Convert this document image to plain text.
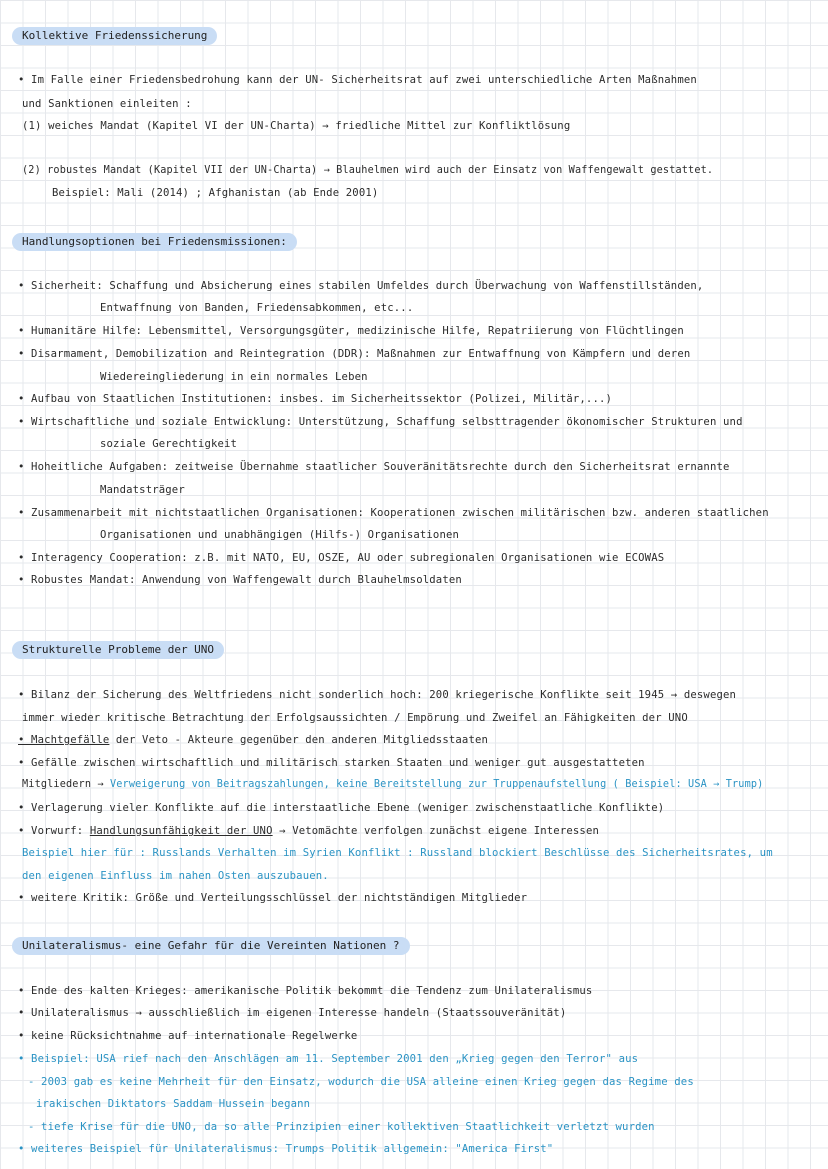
Kollektive Friedenssicherung
• Im Falle einer Friedensbedrohung kann der UN- Sicherheitsrat auf zwei unterschiedliche Arten Maßnahmen
und Sanktionen einleiten :
(1) weiches Mandat (Kapitel VI der UN-Charta) → friedliche Mittel zur Konfliktlösung
(2) robustes Mandat (Kapitel VII der UN-Charta) → Blauhelmen wird auch der Einsatz von Waffengewalt gestattet.
Beispiel: Mali (2014) ; Afghanistan (ab Ende 2001)
Handlungsoptionen bei Friedensmissionen:
• Sicherheit: Schaffung und Absicherung eines stabilen Umfeldes durch Überwachung von Waffenstillständen,
Entwaffnung von Banden, Friedensabkommen, etc...
• Humanitäre Hilfe: Lebensmittel, Versorgungsgüter, medizinische Hilfe, Repatriierung von Flüchtlingen
• Disarmament, Demobilization and Reintegration (DDR): Maßnahmen zur Entwaffnung von Kämpfern und deren
Wiedereingliederung in ein normales Leben
• Aufbau von Staatlichen Institutionen: insbes. im Sicherheitssektor (Polizei, Militär,...)
• Wirtschaftliche und soziale Entwicklung: Unterstützung, Schaffung selbsttragender ökonomischer Strukturen und
soziale Gerechtigkeit
• Hoheitliche Aufgaben: zeitweise Übernahme staatlicher Souveränitätsrechte durch den Sicherheitsrat ernannte
Mandatsträger
• Zusammenarbeit mit nichtstaatlichen Organisationen: Kooperationen zwischen militärischen bzw. anderen staatlichen
Organisationen und unabhängigen (Hilfs-) Organisationen
• Interagency Cooperation: z.B. mit NATO, EU, OSZE, AU oder subregionalen Organisationen wie ECOWAS
• Robustes Mandat: Anwendung von Waffengewalt durch Blauhelmsoldaten
Strukturelle Probleme der UNO
• Bilanz der Sicherung des Weltfriedens nicht sonderlich hoch: 200 kriegerische Konflikte seit 1945 → deswegen
immer wieder kritische Betrachtung der Erfolgsaussichten / Empörung und Zweifel an Fähigkeiten der UNO
• Machtgefälle der Veto - Akteure gegenüber den anderen Mitgliedsstaaten
• Gefälle zwischen wirtschaftlich und militärisch starken Staaten und weniger gut ausgestatteten
Mitgliedern → Verweigerung von Beitragszahlungen, keine Bereitstellung zur Truppenaufstellung ( Beispiel: USA → Trump)
• Verlagerung vieler Konflikte auf die interstaatliche Ebene (weniger zwischenstaatliche Konflikte)
• Vorwurf: Handlungsunfähigkeit der UNO → Vetomächte verfolgen zunächst eigene Interessen
Beispiel hier für : Russlands Verhalten im Syrien Konflikt : Russland blockiert Beschlüsse des Sicherheitsrates, um
den eigenen Einfluss im nahen Osten auszubauen.
• weitere Kritik: Größe und Verteilungsschlüssel der nichtständigen Mitglieder
Unilateralismus- eine Gefahr für die Vereinten Nationen ?
• Ende des kalten Krieges: amerikanische Politik bekommt die Tendenz zum Unilateralismus
• Unilateralismus → ausschließlich im eigenen Interesse handeln (Staatssouveränität)
• keine Rücksichtnahme auf internationale Regelwerke
• Beispiel: USA rief nach den Anschlägen am 11. September 2001 den „Krieg gegen den Terror" aus
- 2003 gab es keine Mehrheit für den Einsatz, wodurch die USA alleine einen Krieg gegen das Regime des
irakischen Diktators Saddam Hussein begann
- tiefe Krise für die UNO, da so alle Prinzipien einer kollektiven Staatlichkeit verletzt wurden
• weiteres Beispiel für Unilateralismus: Trumps Politik allgemein: "America First"
